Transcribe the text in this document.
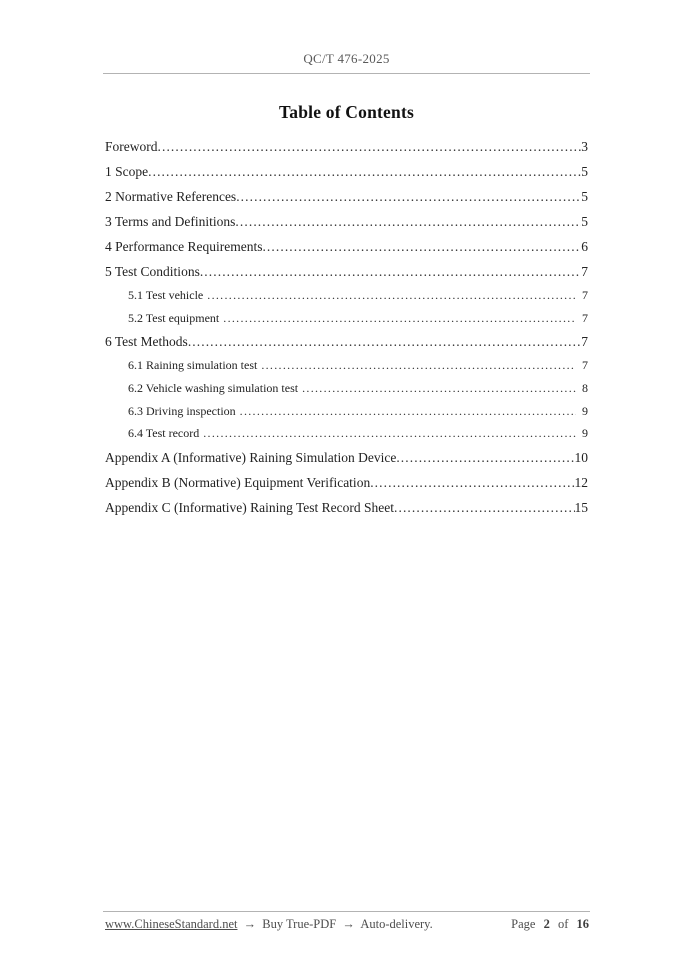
QC/T 476-2025
Table of Contents
Foreword .....	3
1 Scope .....	5
2 Normative References .....	5
3 Terms and Definitions .....	5
4 Performance Requirements .....	6
5 Test Conditions .....	7
5.1 Test vehicle .....	7
5.2 Test equipment .....	7
6 Test Methods .....	7
6.1 Raining simulation test .....	7
6.2 Vehicle washing simulation test .....	8
6.3 Driving inspection .....	9
6.4 Test record .....	9
Appendix A (Informative) Raining Simulation Device .....	10
Appendix B (Normative) Equipment Verification .....	12
Appendix C (Informative) Raining Test Record Sheet .....	15
www.ChineseStandard.net → Buy True-PDF → Auto-delivery.	Page 2 of 16
